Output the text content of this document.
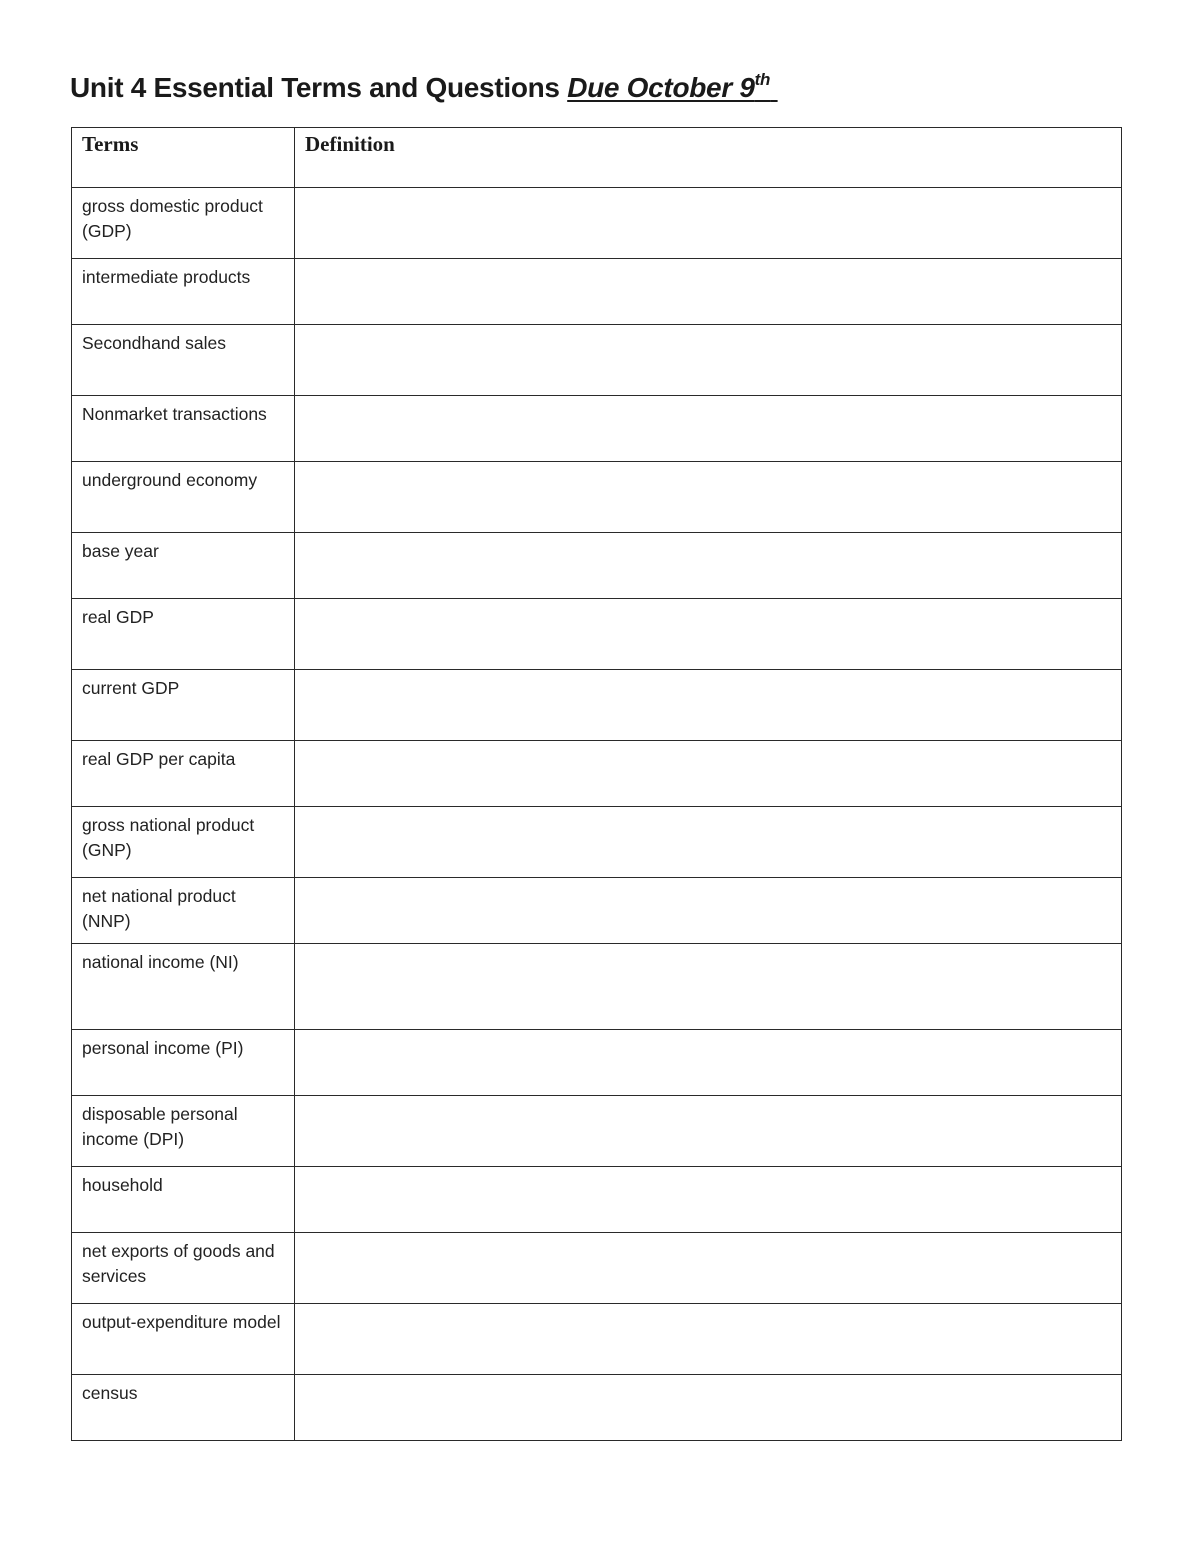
Unit 4 Essential Terms and Questions Due October 9th
Terms	Definition
gross domestic product (GDP)	
intermediate products	
Secondhand sales	
Nonmarket transactions	
underground economy	
base year	
real GDP	
current GDP	
real GDP per capita	
gross national product (GNP)	
net national product (NNP)	
national income (NI)	
personal income (PI)	
disposable personal income (DPI)	
household	
net exports of goods and services	
output-expenditure model	
census	
